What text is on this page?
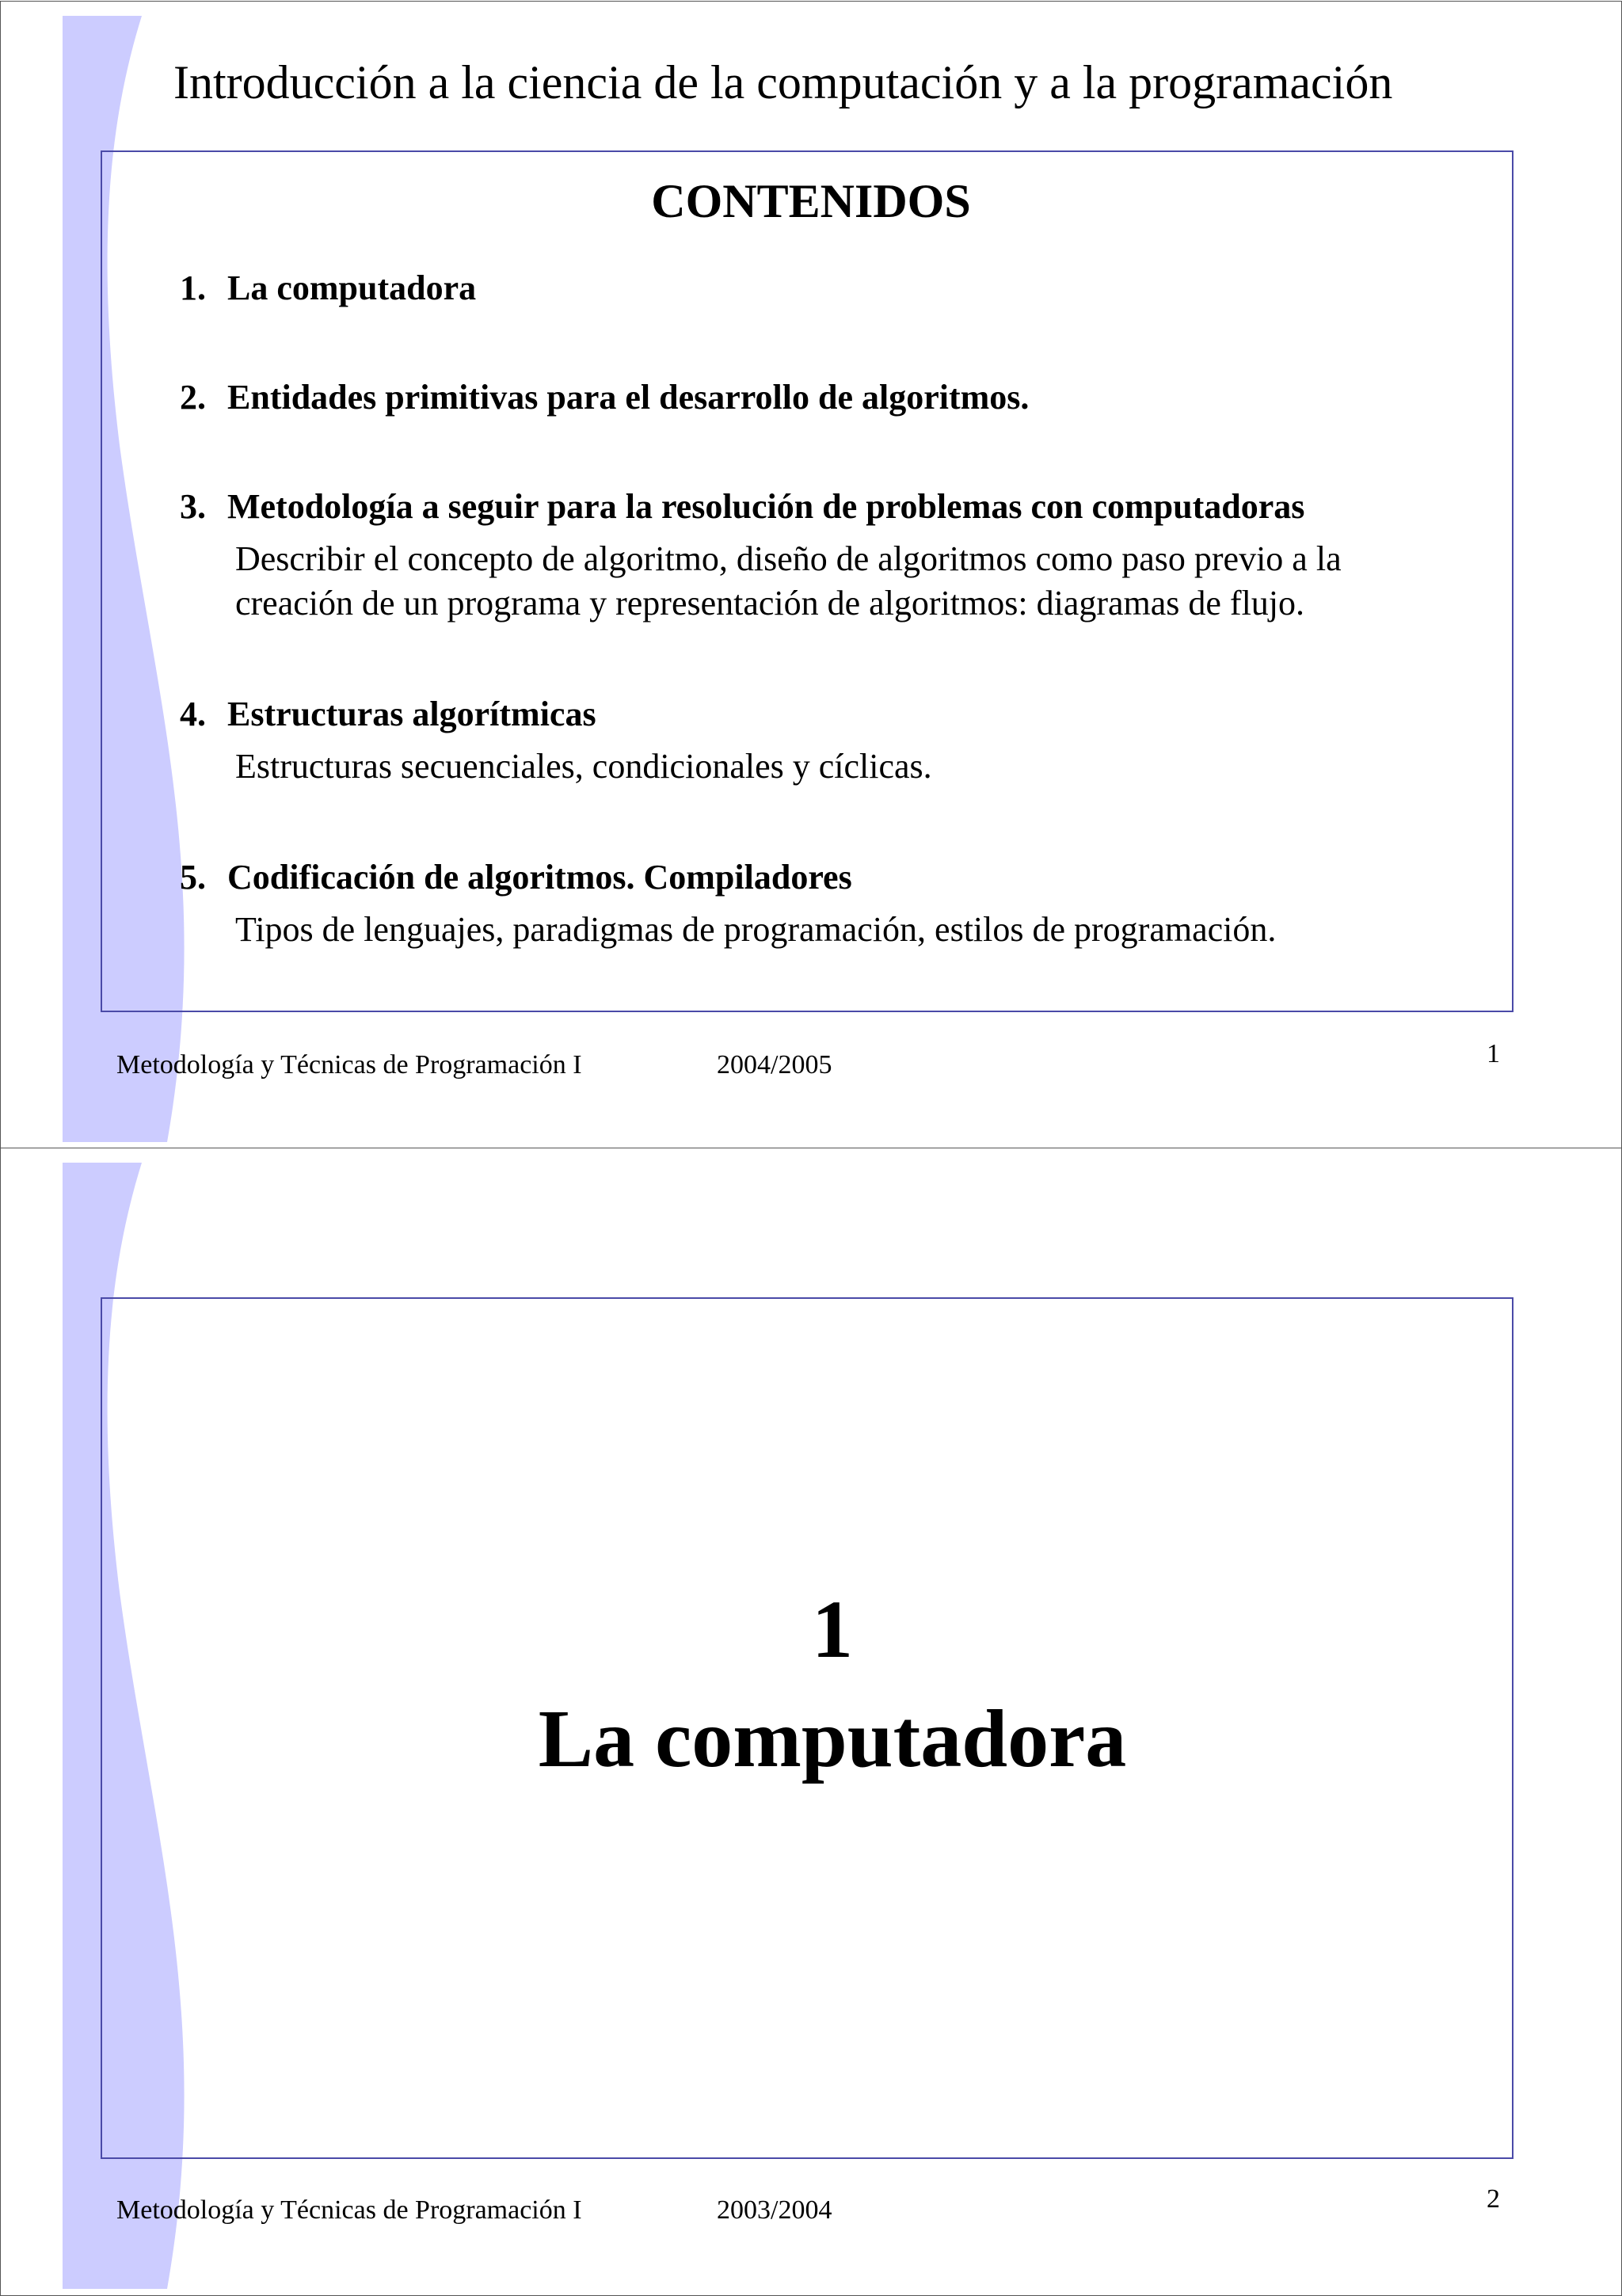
Introducción a la ciencia de la computación y a la programación
CONTENIDOS
1. La computadora
2. Entidades primitivas para el desarrollo de algoritmos.
3. Metodología a seguir para la resolución de problemas con computadoras
Describir el concepto de algoritmo, diseño de algoritmos como paso previo a la
creación de un programa y representación de algoritmos: diagramas de flujo.
4. Estructuras algorítmicas
Estructuras secuenciales, condicionales y cíclicas.
5. Codificación de algoritmos. Compiladores
Tipos de lenguajes, paradigmas de programación, estilos de programación.
Metodología y Técnicas de Programación I	2004/2005	1
1
La computadora
Metodología y Técnicas de Programación I	2003/2004	2
